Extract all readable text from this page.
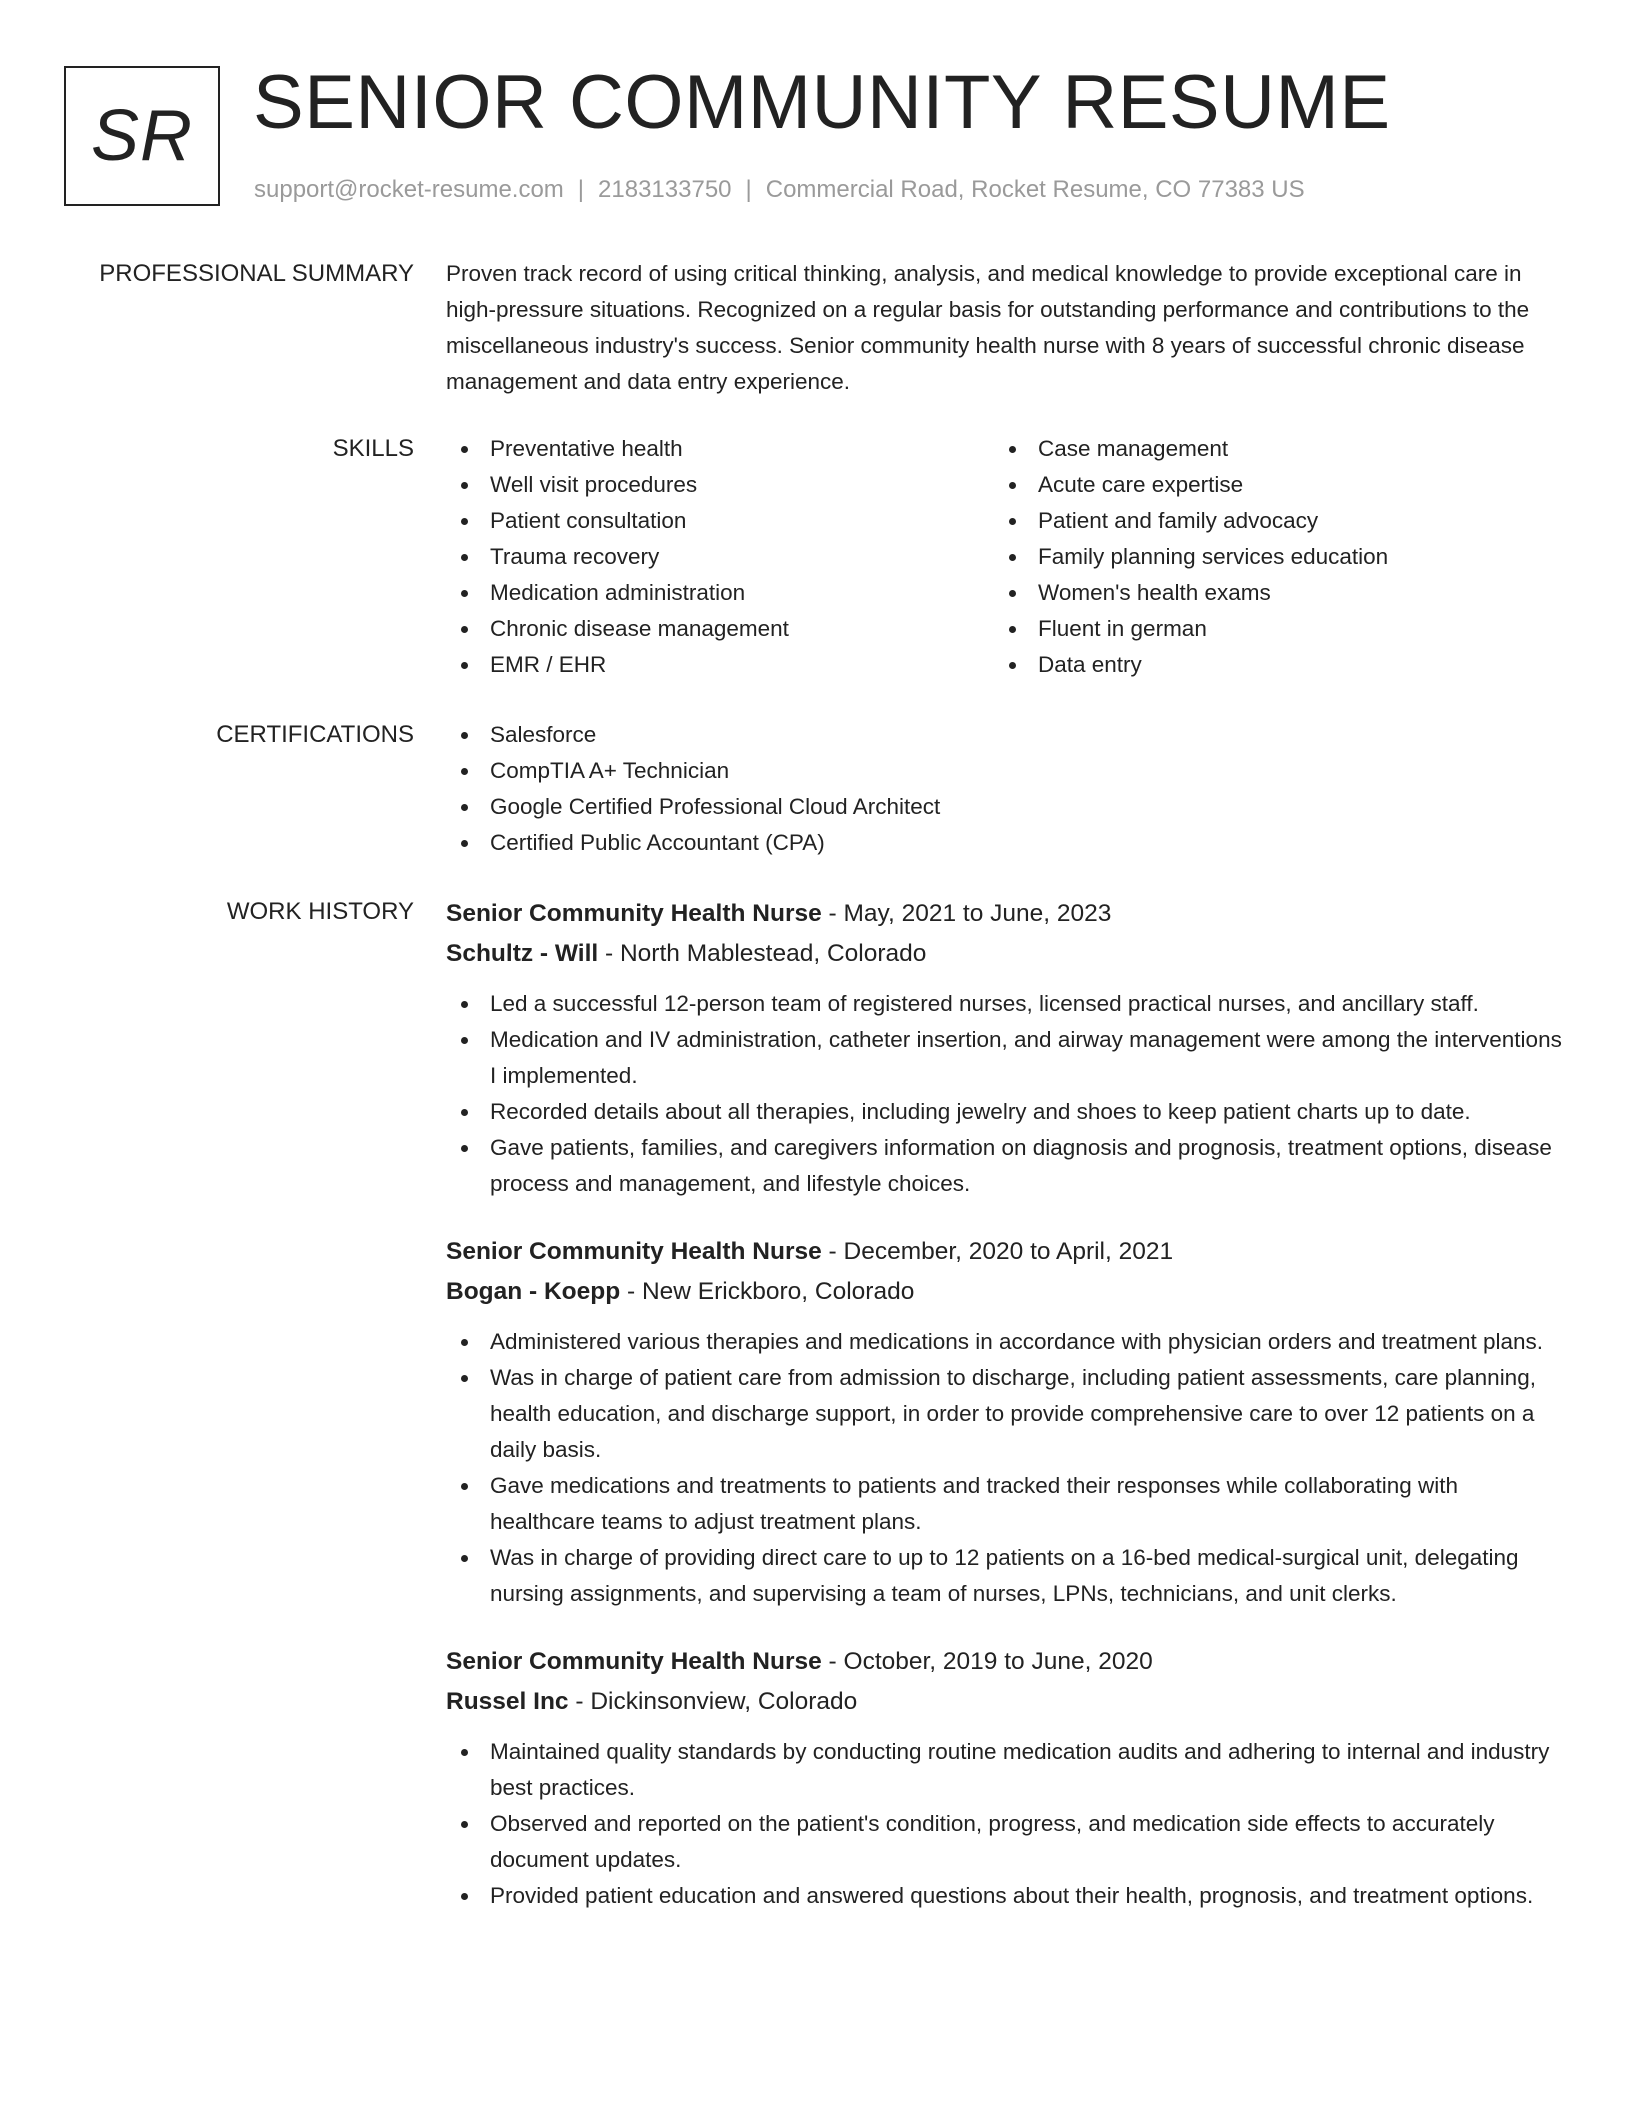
SR SENIOR COMMUNITY RESUME
support@rocket-resume.com | 2183133750 | Commercial Road, Rocket Resume, CO 77383 US
PROFESSIONAL SUMMARY Proven track record of using critical thinking, analysis, and medical knowledge to provide exceptional care in high-pressure situations. Recognized on a regular basis for outstanding performance and contributions to the miscellaneous industry's success. Senior community health nurse with 8 years of successful chronic disease management and data entry experience.

SKILLS	Preventative health
Well visit procedures
Patient consultation
Trauma recovery
Medication administration
Chronic disease management
EMR / EHR
Case management
Acute care expertise
Patient and family advocacy
Family planning services education
Women's health exams
Fluent in german
Data entry
CERTIFICATIONS	Salesforce
CompTIA A+ Technician
Google Certified Professional Cloud Architect
Certified Public Accountant (CPA)
WORK HISTORY Senior Community Health Nurse - May, 2021 to June, 2023
Schultz - Will - North Mablestead, Colorado
Led a successful 12-person team of registered nurses, licensed practical nurses, and ancillary staff.
Medication and IV administration, catheter insertion, and airway management were among the interventions I implemented.
Recorded details about all therapies, including jewelry and shoes to keep patient charts up to date.
Gave patients, families, and caregivers information on diagnosis and prognosis, treatment options, disease process and management, and lifestyle choices.
Senior Community Health Nurse - December, 2020 to April, 2021
Bogan - Koepp - New Erickboro, Colorado
Administered various therapies and medications in accordance with physician orders and treatment plans.
Was in charge of patient care from admission to discharge, including patient assessments, care planning, health education, and discharge support, in order to provide comprehensive care to over 12 patients on a daily basis.
Gave medications and treatments to patients and tracked their responses while collaborating with healthcare teams to adjust treatment plans.
Was in charge of providing direct care to up to 12 patients on a 16-bed medical-surgical unit, delegating nursing assignments, and supervising a team of nurses, LPNs, technicians, and unit clerks.
Senior Community Health Nurse - October, 2019 to June, 2020
Russel Inc - Dickinsonview, Colorado
Maintained quality standards by conducting routine medication audits and adhering to internal and industry best practices.
Observed and reported on the patient's condition, progress, and medication side effects to accurately document updates.
Provided patient education and answered questions about their health, prognosis, and treatment options.
